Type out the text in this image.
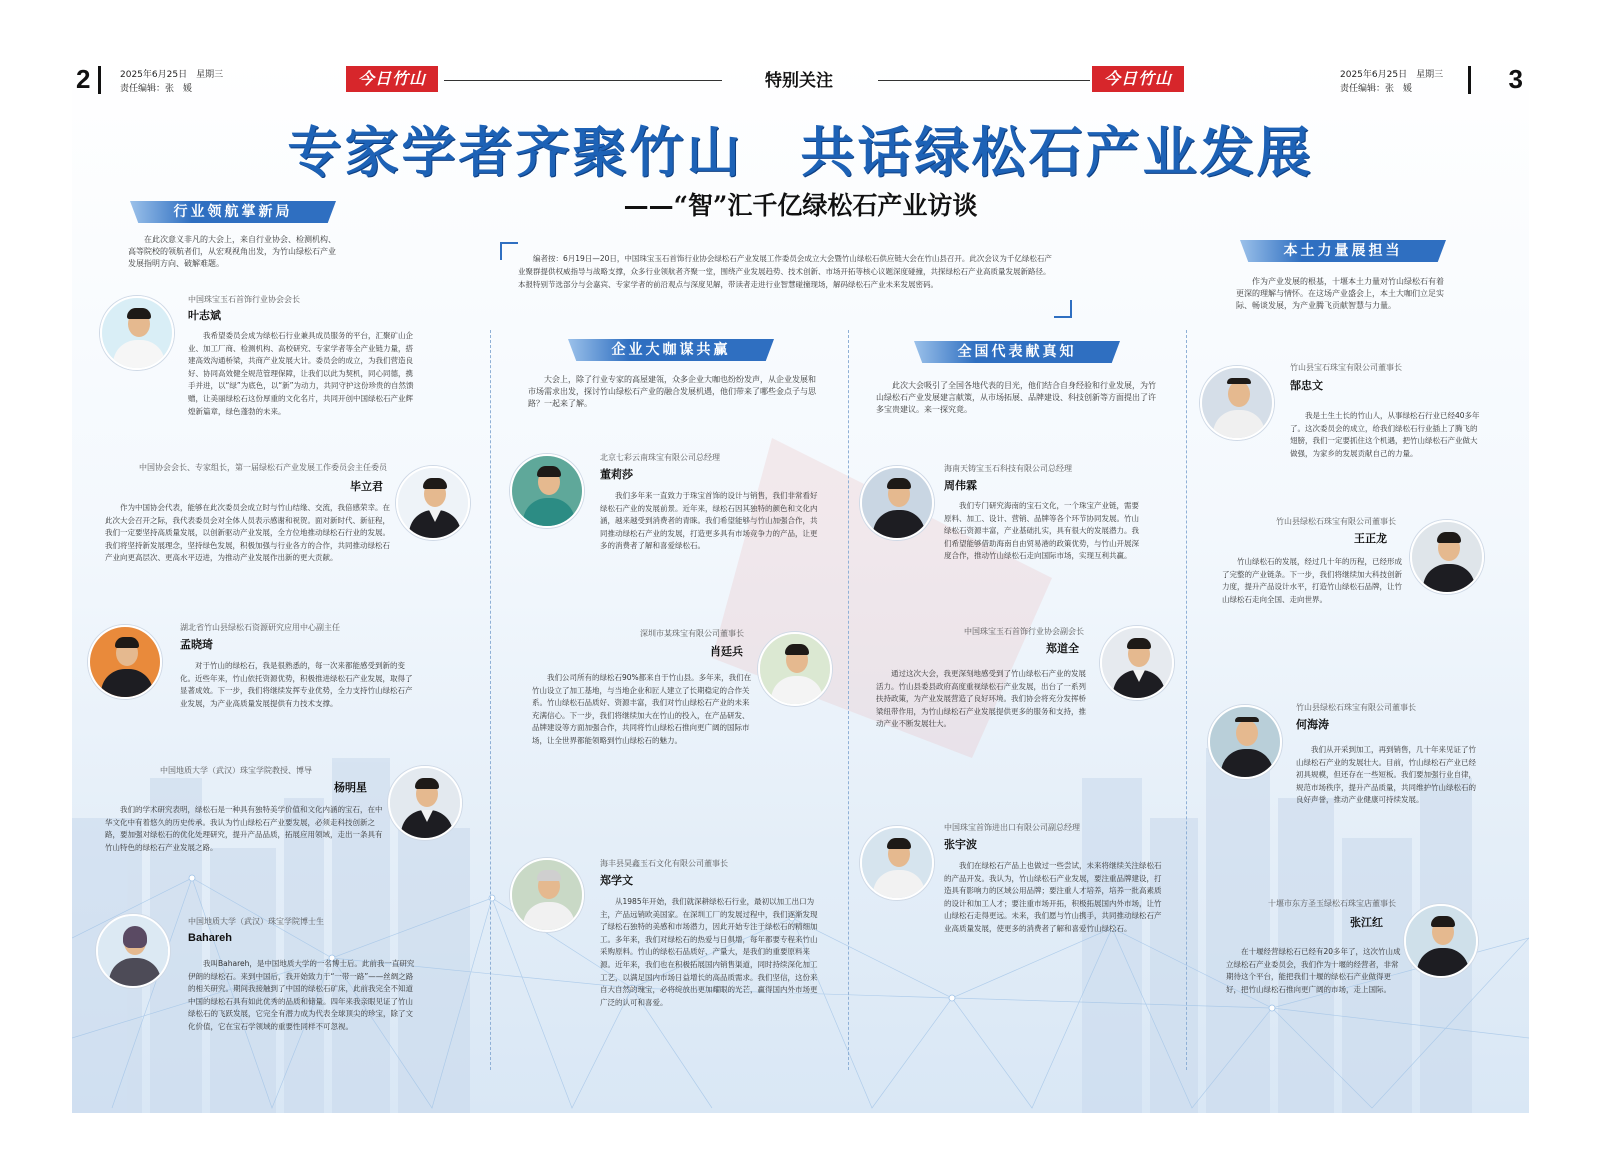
2	2025年6月25日　星期三
责任编辑：张　媛
今日竹山	特别关注	今日竹山	2025年6月25日　星期三
责任编辑：张　媛	3
专家学者齐聚竹山　共话绿松石产业发展
——“智”汇千亿绿松石产业访谈
编者按：6月19日—20日，中国珠宝玉石首饰行业协会绿松石产业发展工作委员会成立大会暨竹山绿松石供应链大会在竹山县召开。此次会议为千亿绿松石产业聚群提供权威指导与战略支撑，众多行业领航者齐聚一堂，围绕产业发展趋势、技术创新、市场开拓等核心议题深度碰撞，共探绿松石产业高质量发展新路径。本报特别节选部分与会嘉宾、专家学者的前沿观点与深度见解，带读者走进行业智慧碰撞现场，解码绿松石产业未来发展密码。
行业领航掌新局
在此次意义非凡的大会上，来自行业协会、检测机构、高等院校的领航者们，从宏观视角出发，为竹山绿松石产业发展指明方向、破解难题。
中国珠宝玉石首饰行业协会会长
叶志斌
我希望委员会成为绿松石行业兼具成员服务的平台，汇聚矿山企业、加工厂商、检测机构、高校研究、专家学者等全产业链力量，搭建高效沟通桥梁，共商产业发展大计。委员会的成立，为我们营造良好、协同高效健全规范管理保障，让我们以此为契机，同心同德，携手并进，以“绿”为底色，以“新”为动力，共同守护这份珍贵的自然馈赠，让美丽绿松石这份厚重的文化名片，共同开创中国绿松石产业辉煌新篇章，绿色蓬勃的未来。
中国协会会长、专家组长，第一届绿松石产业发展工作委员会主任委员
毕立君
作为中国协会代表，能够在此次委员会成立时与竹山结缘、交流，我倍感荣幸。在此次大会召开之际，我代表委员会对全体人员表示感谢和祝贺。面对新时代、新征程，我们一定要坚持高质量发展，以创新驱动产业发展，全方位地推动绿松石行业的发展。我们将坚持新发展理念，坚持绿色发展，积极加强与行业各方的合作，共同推动绿松石产业向更高层次、更高水平迈进，为推动产业发展作出新的更大贡献。
湖北省竹山县绿松石资源研究应用中心副主任
孟晓琦
对于竹山的绿松石，我是很熟悉的，每一次来都能感受到新的变化。近些年来，竹山依托资源优势，积极推进绿松石产业发展，取得了显著成效。下一步，我们将继续发挥专业优势，全力支持竹山绿松石产业发展，为产业高质量发展提供有力技术支撑。
中国地质大学（武汉）珠宝学院教授、博导
杨明星
我们的学术研究表明，绿松石是一种具有独特美学价值和文化内涵的宝石，在中华文化中有着悠久的历史传承。我认为竹山绿松石产业要发展，必须走科技创新之路，要加强对绿松石的优化处理研究，提升产品品质，拓展应用领域，走出一条具有竹山特色的绿松石产业发展之路。
中国地质大学（武汉）珠宝学院博士生
Bahareh
我叫Bahareh，是中国地质大学的一名博士后。此前我一直研究伊朗的绿松石。来到中国后，我开始致力于“一带一路”——丝绸之路的相关研究。期间我接触到了中国的绿松石矿床，此前我完全不知道中国的绿松石具有如此优秀的品质和储量。四年来我亲眼见证了竹山绿松石的飞跃发展，它完全有潜力成为代表全球顶尖的珍宝，除了文化价值，它在宝石学领域的重要性同样不可忽视。
企业大咖谋共赢
大会上，除了行业专家的高屋建瓴，众多企业大咖也纷纷发声，从企业发展和市场需求出发，探讨竹山绿松石产业的融合发展机遇，他们带来了哪些金点子与思路？一起来了解。
北京七彩云南珠宝有限公司总经理
董莉莎
我们多年来一直致力于珠宝首饰的设计与销售，我们非常看好绿松石产业的发展前景。近年来，绿松石因其独特的颜色和文化内涵，越来越受到消费者的青睐。我们希望能够与竹山加强合作，共同推动绿松石产业的发展，打造更多具有市场竞争力的产品，让更多的消费者了解和喜爱绿松石。
深圳市某珠宝有限公司董事长
肖廷兵
我们公司所有的绿松石90%都来自于竹山县。多年来，我们在竹山设立了加工基地，与当地企业和匠人建立了长期稳定的合作关系。竹山绿松石品质好、资源丰富，我们对竹山绿松石产业的未来充满信心。下一步，我们将继续加大在竹山的投入，在产品研发、品牌建设等方面加强合作，共同将竹山绿松石推向更广阔的国际市场，让全世界都能领略到竹山绿松石的魅力。
海丰县昊鑫玉石文化有限公司董事长
郑学文
从1985年开始，我们就深耕绿松石行业，最初以加工出口为主，产品远销欧美国家。在深圳工厂的发展过程中，我们逐渐发现了绿松石独特的美感和市场潜力，因此开始专注于绿松石的精细加工。多年来，我们对绿松石的热爱与日俱增，每年都要专程来竹山采购原料。竹山的绿松石品质好、产量大，是我们的重要原料来源。近年来，我们也在积极拓展国内销售渠道，同时持续深化加工工艺，以满足国内市场日益增长的高品质需求。我们坚信，这份来自大自然的瑰宝，必将绽放出更加耀眼的光芒，赢得国内外市场更广泛的认可和喜爱。
全国代表献真知
此次大会吸引了全国各地代表的目光，他们结合自身经验和行业发展，为竹山绿松石产业发展建言献策，从市场拓展、品牌建设、科技创新等方面提出了许多宝贵建议。来一探究竟。
海南天铸宝玉石科技有限公司总经理
周伟霖
我们专门研究海南的宝石文化，一个珠宝产业链，需要原料、加工、设计、营销、品牌等各个环节协同发展。竹山绿松石资源丰富，产业基础扎实，具有很大的发展潜力。我们希望能够借助海南自由贸易港的政策优势，与竹山开展深度合作，推动竹山绿松石走向国际市场，实现互利共赢。
中国珠宝玉石首饰行业协会副会长
郑道全
通过这次大会，我更深刻地感受到了竹山绿松石产业的发展活力。竹山县委县政府高度重视绿松石产业发展，出台了一系列扶持政策，为产业发展营造了良好环境。我们协会将充分发挥桥梁纽带作用，为竹山绿松石产业发展提供更多的服务和支持，推动产业不断发展壮大。
中国珠宝首饰进出口有限公司副总经理
张宇波
我们在绿松石产品上也做过一些尝试，未来将继续关注绿松石的产品开发。我认为，竹山绿松石产业发展，要注重品牌建设，打造具有影响力的区域公用品牌；要注重人才培养，培养一批高素质的设计和加工人才；要注重市场开拓，积极拓展国内外市场，让竹山绿松石走得更远。未来，我们愿与竹山携手，共同推动绿松石产业高质量发展，使更多的消费者了解和喜爱竹山绿松石。
本土力量展担当
作为产业发展的根基，十堰本土力量对竹山绿松石有着更深的理解与情怀。在这场产业盛会上，本土大咖们立足实际、畅谈发展，为产业腾飞贡献智慧与力量。
竹山县宝石珠宝有限公司董事长
郜忠文
我是土生土长的竹山人，从事绿松石行业已经40多年了。这次委员会的成立，给我们绿松石行业插上了腾飞的翅膀，我们一定要抓住这个机遇，把竹山绿松石产业做大做强，为家乡的发展贡献自己的力量。
竹山县绿松石珠宝有限公司董事长
王正龙
竹山绿松石的发展，经过几十年的历程，已经形成了完整的产业链条。下一步，我们将继续加大科技创新力度，提升产品设计水平，打造竹山绿松石品牌，让竹山绿松石走向全国、走向世界。
竹山县绿松石珠宝有限公司董事长
何海涛
我们从开采到加工，再到销售，几十年来见证了竹山绿松石产业的发展壮大。目前，竹山绿松石产业已经初具规模，但还存在一些短板。我们要加强行业自律，规范市场秩序，提升产品质量，共同维护竹山绿松石的良好声誉，推动产业健康可持续发展。
十堰市东方圣玉绿松石珠宝店董事长
张江红
在十堰经营绿松石已经有20多年了，这次竹山成立绿松石产业委员会，我们作为十堰的经营者，非常期待这个平台，能把我们十堰的绿松石产业做得更好，把竹山绿松石推向更广阔的市场，走上国际。
